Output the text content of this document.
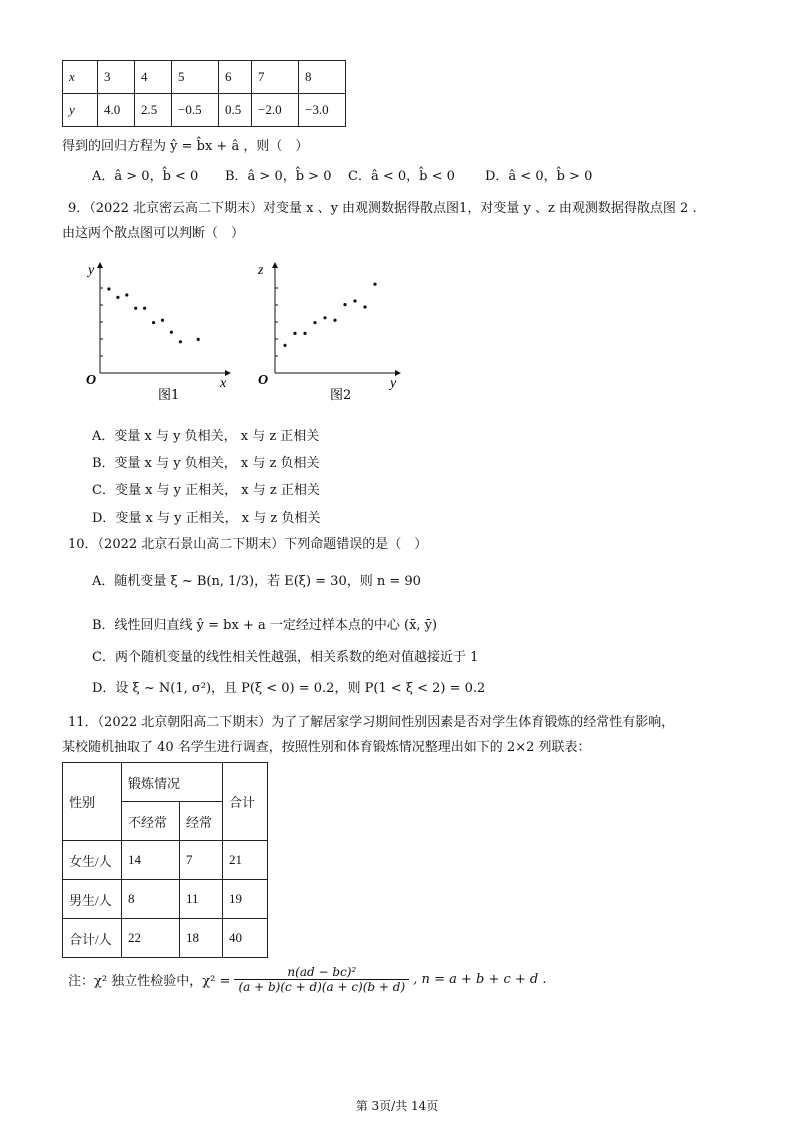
x	3	4	5	6	7	8
y	4.0	2.5	−0.5	0.5	−2.0	−3.0
得到的回归方程为 ŷ = b̂x + â ，则（　）
A．â > 0，b̂ < 0 B．â > 0，b̂ > 0 C．â < 0，b̂ < 0 D．â < 0，b̂ > 0
9．（2022 北京密云高二下期末）对变量 x 、y 由观测数据得散点图1，对变量 y 、z 由观测数据得散点图 2 .
由这两个散点图可以判断（　）
y
x
O
图1
z
y
O
图2
A．变量 x 与 y 负相关， x 与 z 正相关
B．变量 x 与 y 负相关， x 与 z 负相关
C．变量 x 与 y 正相关， x 与 z 正相关
D．变量 x 与 y 正相关， x 与 z 负相关
10．（2022 北京石景山高二下期末）下列命题错误的是（　）
A．随机变量 ξ ~ B(n, 1/3)，若 E(ξ) = 30，则 n = 90
B．线性回归直线 ŷ = bx + a 一定经过样本点的中心 (x̄, ȳ)
C．两个随机变量的线性相关性越强，相关系数的绝对值越接近于 1
D．设 ξ ~ N(1, σ²)，且 P(ξ < 0) = 0.2，则 P(1 < ξ < 2) = 0.2
11．（2022 北京朝阳高二下期末）为了了解居家学习期间性别因素是否对学生体育锻炼的经常性有影响，
某校随机抽取了 40 名学生进行调查，按照性别和体育锻炼情况整理出如下的 2×2 列联表：
性别	锻炼情况		合计
	不经常	经常	
女生/人	14	7	21
男生/人	8	11	19
合计/人	22	18	40
注：χ² 独立性检验中，$\chi^2 = \frac{\text{n(ad − bc)²}}{(a + b)(c + d)(a + c)(b + d)}$ , n = a + b + c + d .
第 3页/共 14页
